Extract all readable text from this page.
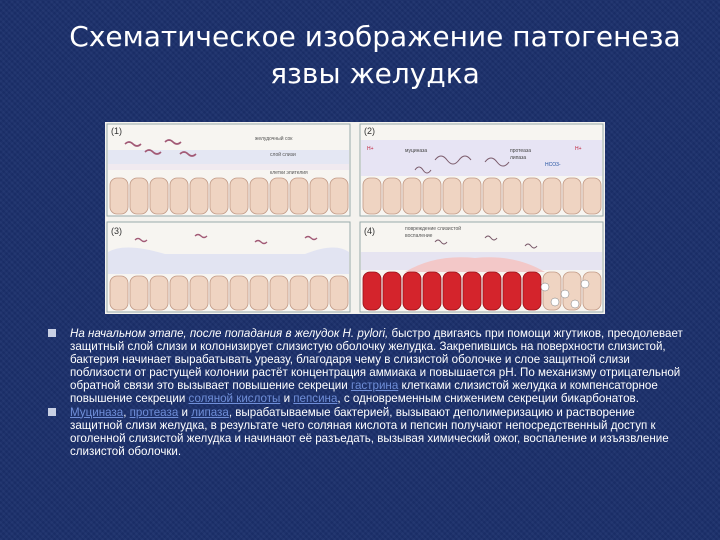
Схематическое изображение патогенеза
язвы желудка
(1)
желудочный сок
слой слизи
клетки эпителия
(2)
H+	H+
HCO3-
муциназа	протеаза
липаза
(3)	(4)	повреждение слизистой
воспаление
На начальном этапе, после попадания в желудок H. pylori, быстро двигаясь при помощи жгутиков, преодолевает защитный слой слизи и колонизирует слизистую оболочку желудка. Закрепившись на поверхности слизистой, бактерия начинает вырабатывать уреазу, благодаря чему в слизистой оболочке и слое защитной слизи поблизости от растущей колонии растёт концентрация аммиака и повышается pH. По механизму отрицательной обратной связи это вызывает повышение секреции гастрина клетками слизистой желудка и компенсаторное повышение секреции соляной кислоты и пепсина, с одновременным снижением секреции бикарбонатов.
Муциназа, протеаза и липаза, вырабатываемые бактерией, вызывают деполимеризацию и растворение защитной слизи желудка, в результате чего соляная кислота и пепсин получают непосредственный доступ к оголенной слизистой желудка и начинают её разъедать, вызывая химический ожог, воспаление и изъязвление слизистой оболочки.
